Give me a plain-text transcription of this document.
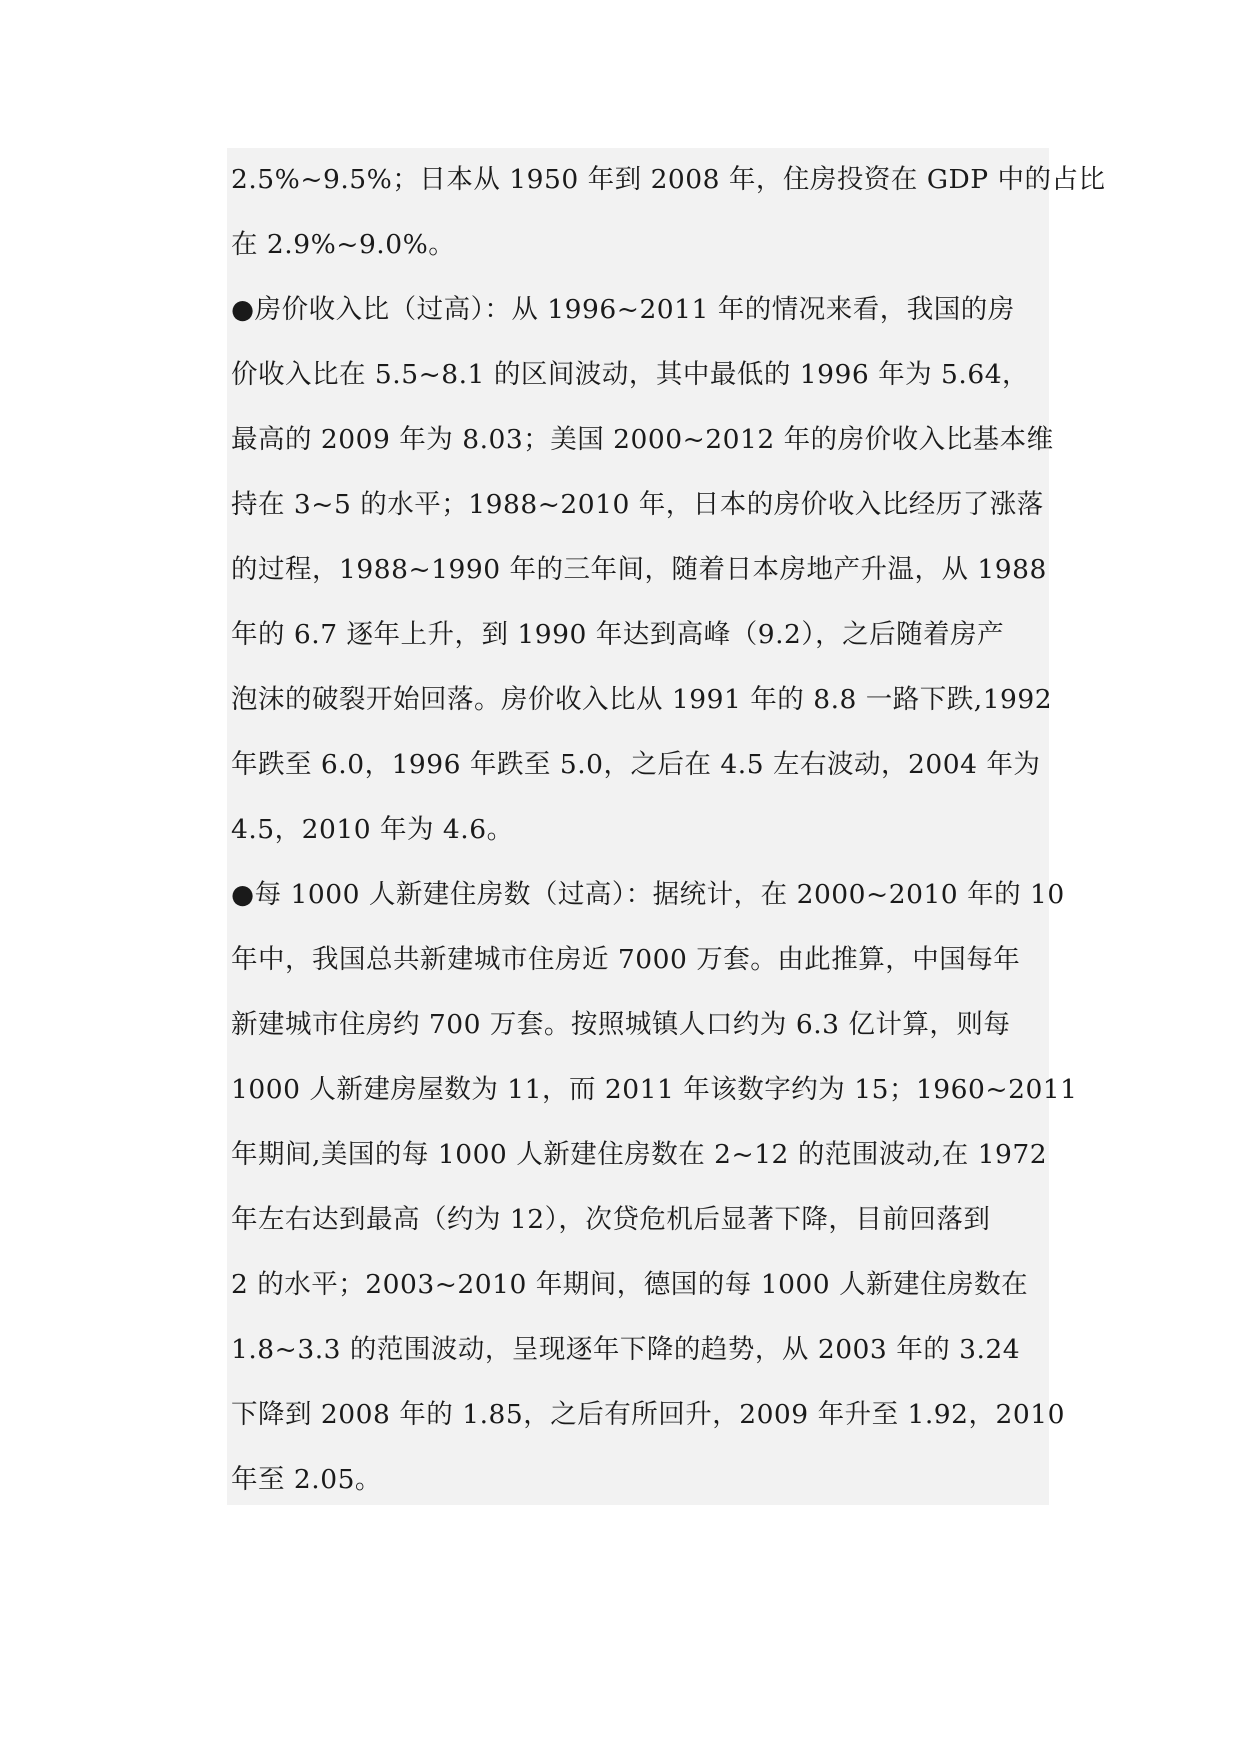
2.5%~9.5%；日本从 1950 年到 2008 年，住房投资在 GDP 中的占比
在 2.9%~9.0%。
●房价收入比（过高）：从 1996~2011 年的情况来看，我国的房
价收入比在 5.5~8.1 的区间波动，其中最低的 1996 年为 5.64，
最高的 2009 年为 8.03；美国 2000~2012 年的房价收入比基本维
持在 3~5 的水平；1988~2010 年，日本的房价收入比经历了涨落
的过程，1988~1990 年的三年间，随着日本房地产升温，从 1988
年的 6.7 逐年上升，到 1990 年达到高峰（9.2），之后随着房产
泡沫的破裂开始回落。房价收入比从 1991 年的 8.8 一路下跌,1992
年跌至 6.0，1996 年跌至 5.0，之后在 4.5 左右波动，2004 年为
4.5，2010 年为 4.6。
●每 1000 人新建住房数（过高）：据统计，在 2000~2010 年的 10
年中，我国总共新建城市住房近 7000 万套。由此推算，中国每年
新建城市住房约 700 万套。按照城镇人口约为 6.3 亿计算，则每
1000 人新建房屋数为 11，而 2011 年该数字约为 15；1960~2011
年期间,美国的每 1000 人新建住房数在 2~12 的范围波动,在 1972
年左右达到最高（约为 12），次贷危机后显著下降，目前回落到
2 的水平；2003~2010 年期间，德国的每 1000 人新建住房数在
1.8~3.3 的范围波动，呈现逐年下降的趋势，从 2003 年的 3.24
下降到 2008 年的 1.85，之后有所回升，2009 年升至 1.92，2010
年至 2.05。
